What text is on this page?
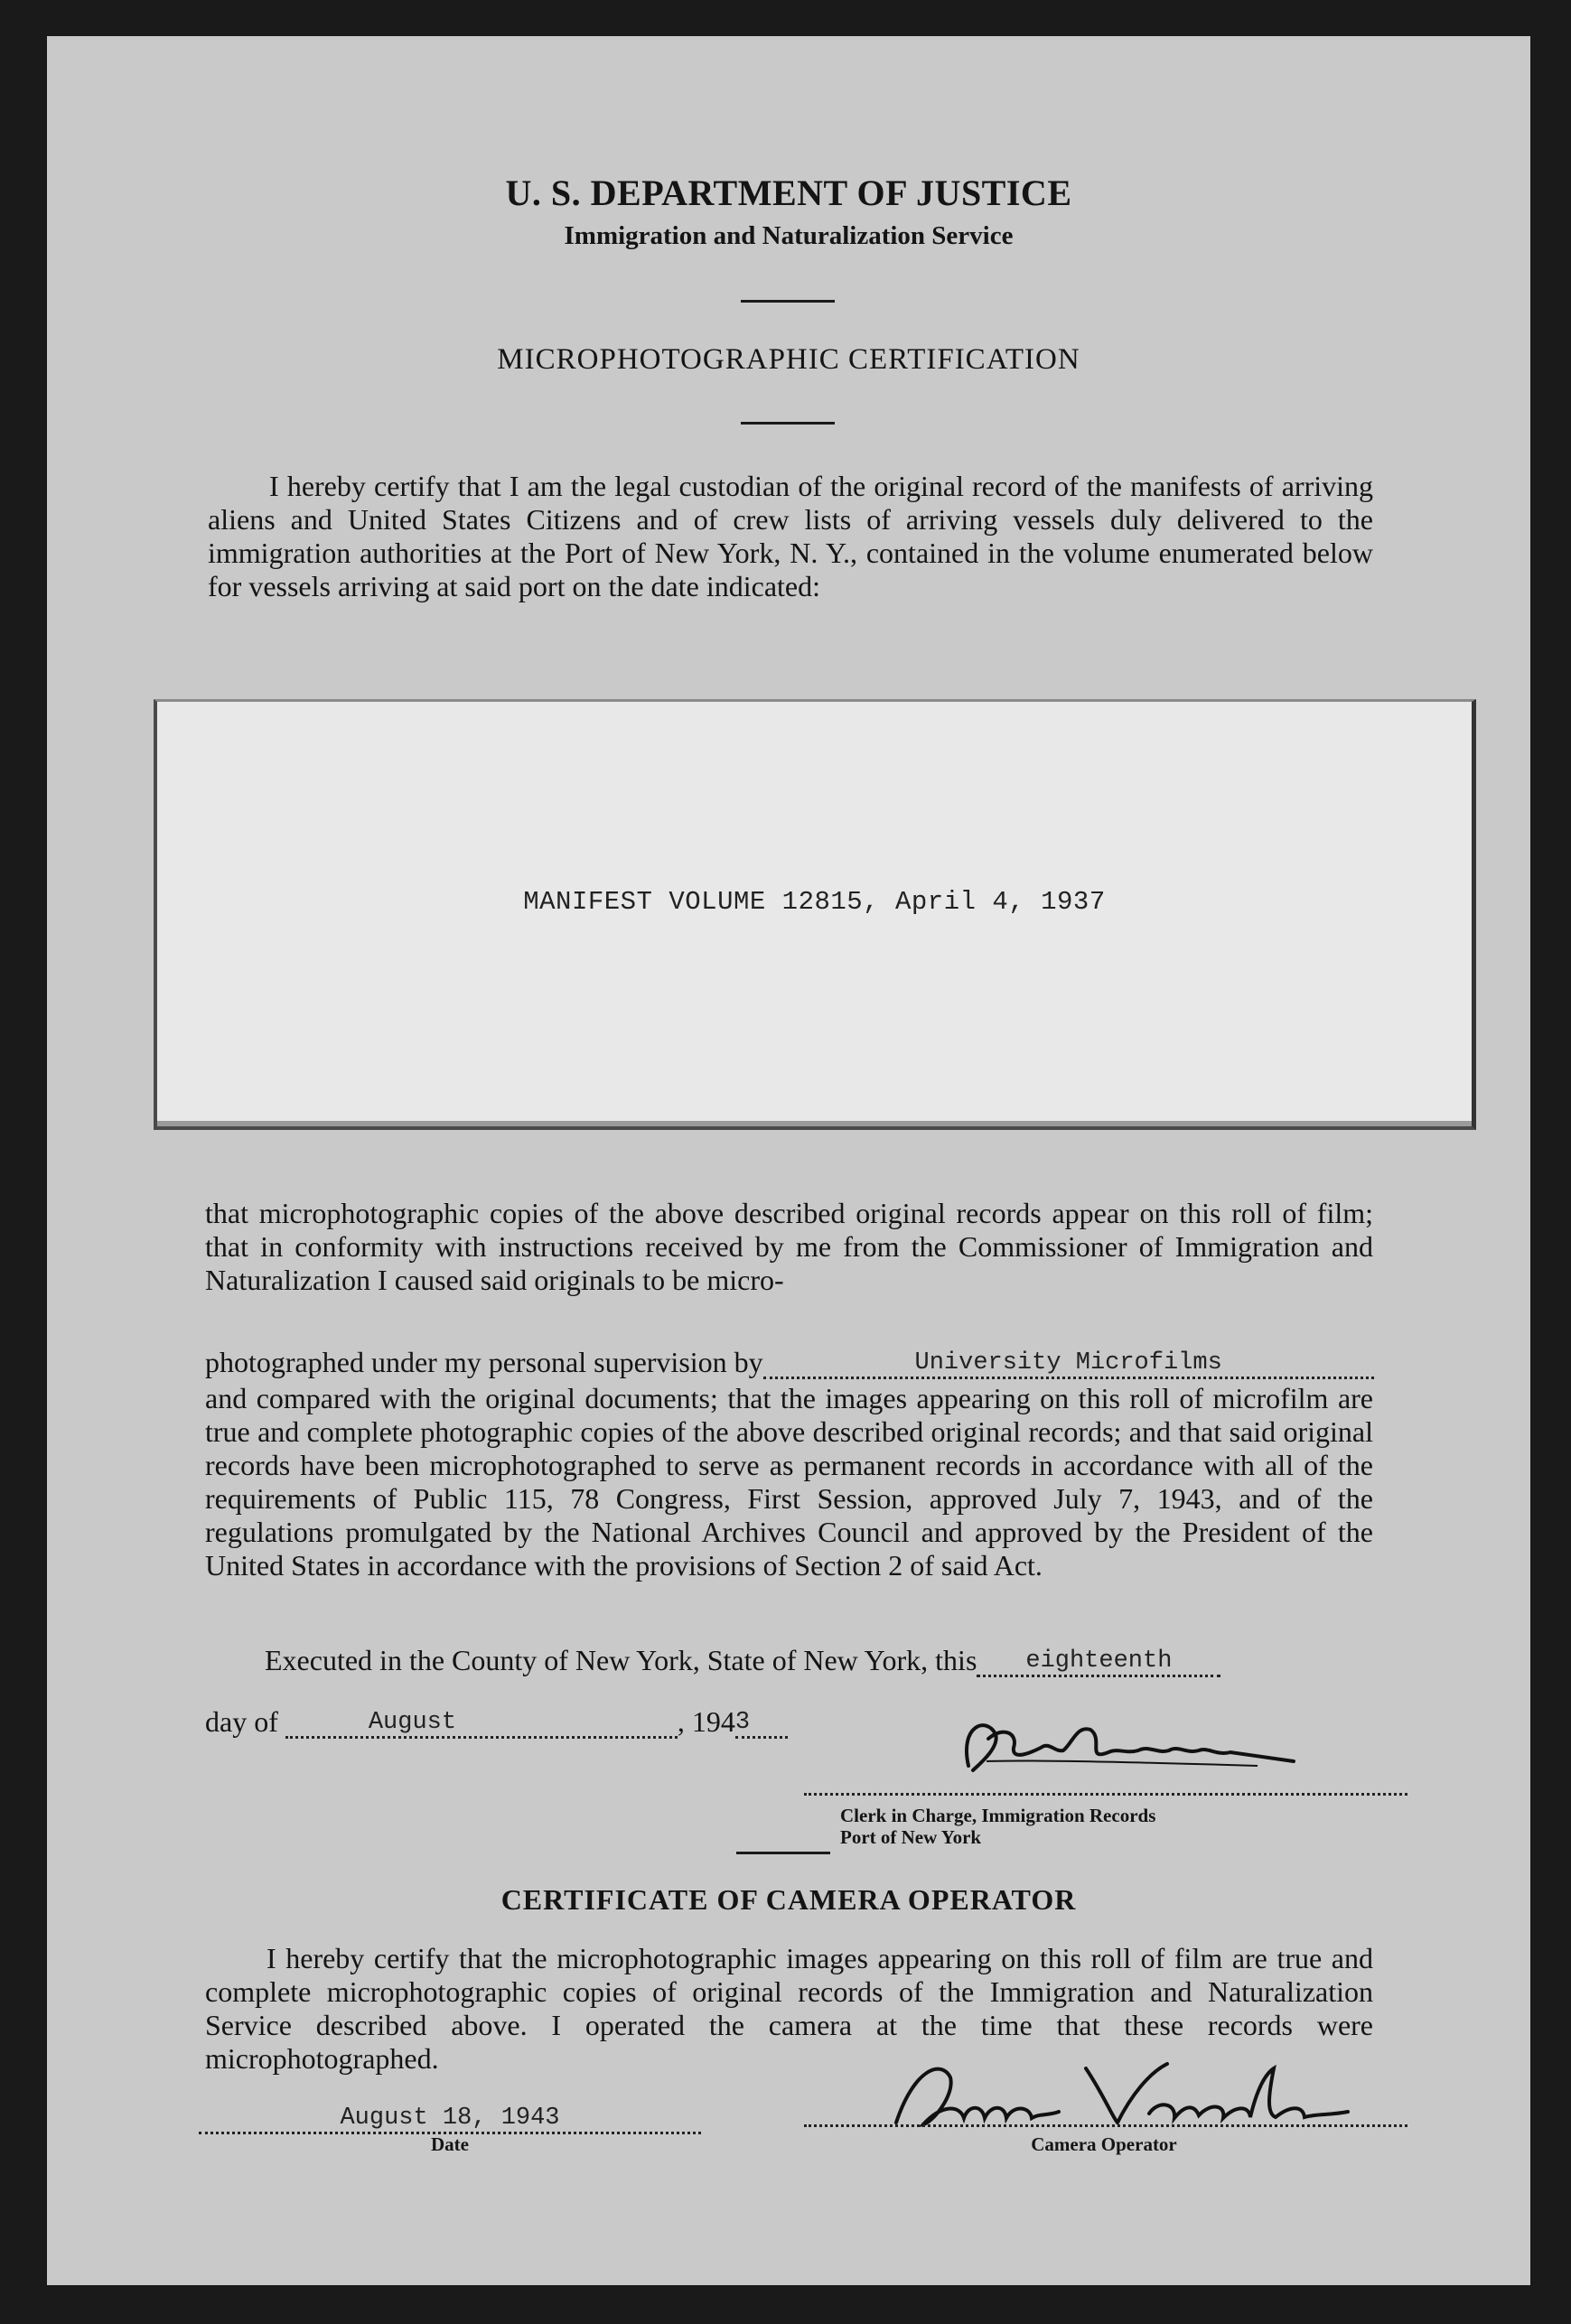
U. S. DEPARTMENT OF JUSTICE
Immigration and Naturalization Service
MICROPHOTOGRAPHIC CERTIFICATION
I hereby certify that I am the legal custodian of the original record of the manifests of arriving aliens and United States Citizens and of crew lists of arriving vessels duly delivered to the immigration authorities at the Port of New York, N. Y., contained in the volume enumerated below for vessels arriving at said port on the date indicated:
MANIFEST VOLUME 12815, April 4, 1937
that microphotographic copies of the above described original records appear on this roll of film; that in conformity with instructions received by me from the Commissioner of Immigration and Naturalization I caused said originals to be micro-
photographed under my personal supervision by	University Microfilms
and compared with the original documents; that the images appearing on this roll of microfilm are true and complete photographic copies of the above described original records; and that said original records have been microphotographed to serve as permanent records in accordance with all of the requirements of Public 115, 78 Congress, First Session, approved July 7, 1943, and of the regulations promulgated by the National Archives Council and approved by the President of the United States in accordance with the provisions of Section 2 of said Act.
Executed in the County of New York, State of New York, this eighteenth
day of	August	, 1943
Clerk in Charge, Immigration Records
Port of New York
CERTIFICATE OF CAMERA OPERATOR
I hereby certify that the microphotographic images appearing on this roll of film are true and complete microphotographic copies of original records of the Immigration and Naturalization Service described above. I operated the camera at the time that these records were microphotographed.
August 18, 1943
Date	Camera Operator
